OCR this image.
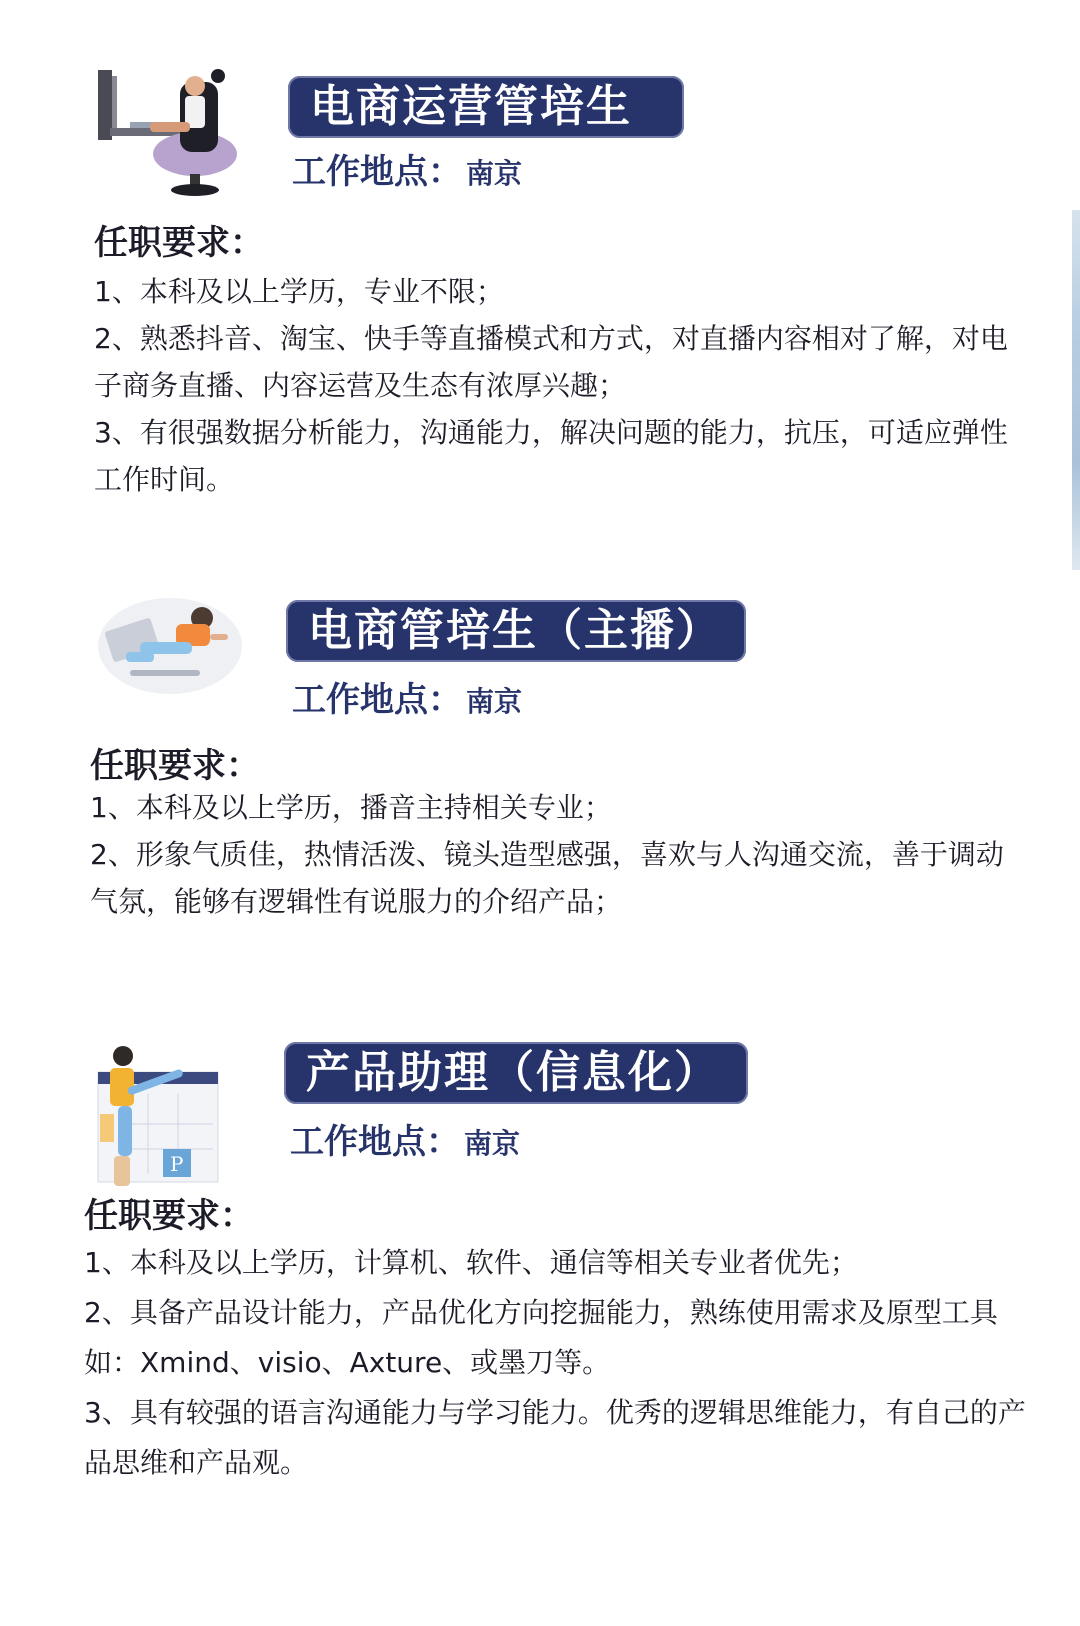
电商运营管培生
工作地点： 南京
任职要求：

1、本科及以上学历，专业不限；

2、熟悉抖音、淘宝、快手等直播模式和方式，对直播内容相对了解，对电子商务直播、内容运营及生态有浓厚兴趣；

3、有很强数据分析能力，沟通能力，解决问题的能力，抗压，可适应弹性工作时间。

电商管培生（主播）
工作地点： 南京
任职要求：

1、本科及以上学历，播音主持相关专业；

2、形象气质佳，热情活泼、镜头造型感强，喜欢与人沟通交流，善于调动气氛，能够有逻辑性有说服力的介绍产品；

P
产品助理（信息化）
工作地点： 南京
任职要求：

1、本科及以上学历，计算机、软件、通信等相关专业者优先；

2、具备产品设计能力，产品优化方向挖掘能力，熟练使用需求及原型工具如：Xmind、visio、Axture、或墨刀等。

3、具有较强的语言沟通能力与学习能力。优秀的逻辑思维能力，有自己的产品思维和产品观。
